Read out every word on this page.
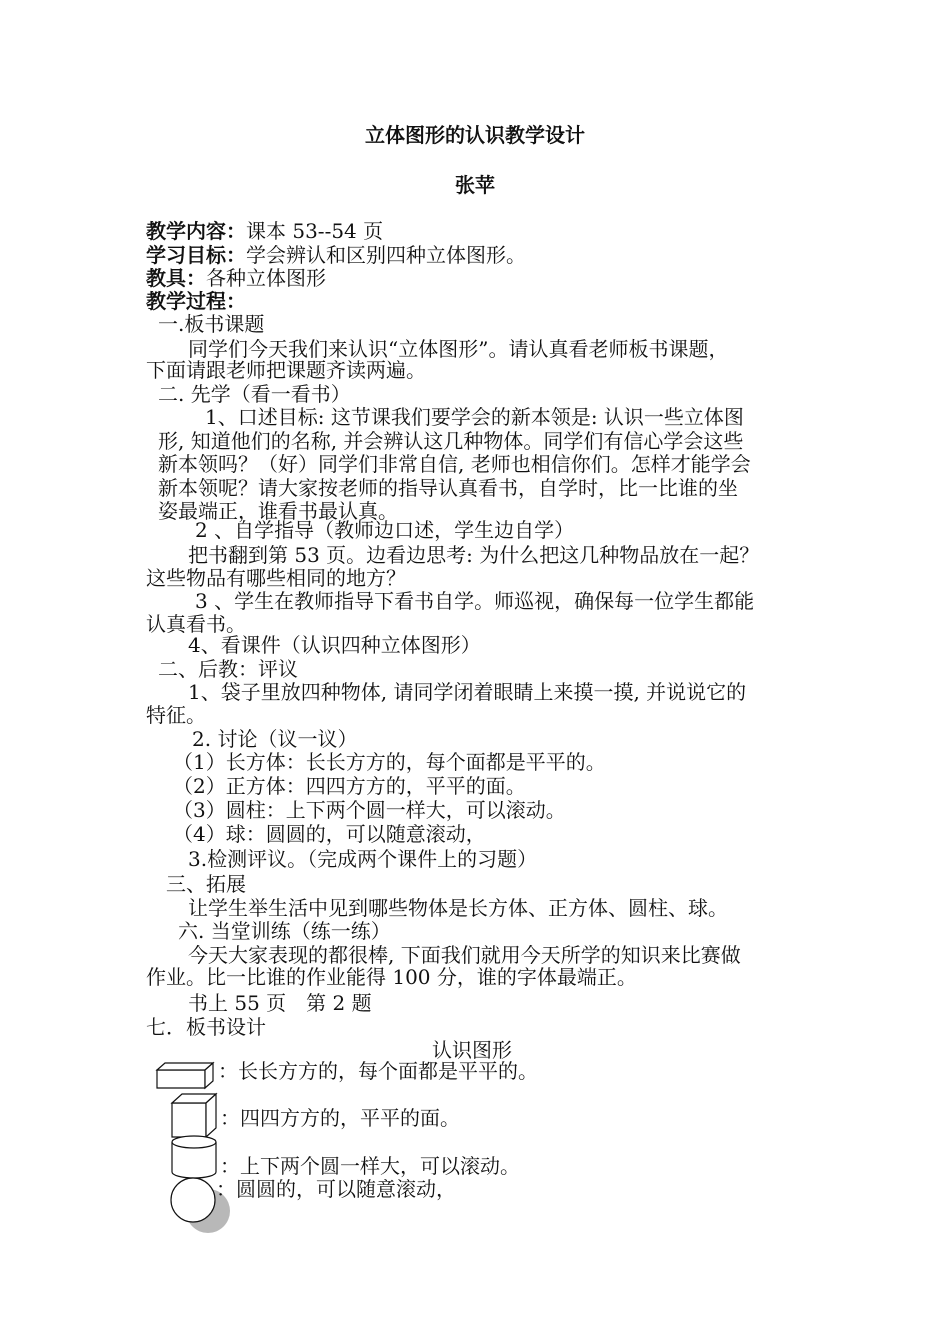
立体图形的认识教学设计
张苹
教学内容：课本 53--54 页
学习目标：学会辨认和区别四种立体图形。
教具：各种立体图形
教学过程：
一.板书课题
同学们今天我们来认识“立体图形”。请认真看老师板书课题，
下面请跟老师把课题齐读两遍。
二. 先学（看一看书）
1、口述目标: 这节课我们要学会的新本领是: 认识一些立体图
形, 知道他们的名称, 并会辨认这几种物体。同学们有信心学会这些
新本领吗？（好）同学们非常自信, 老师也相信你们。怎样才能学会
新本领呢？请大家按老师的指导认真看书，自学时，比一比谁的坐
姿最端正，谁看书最认真。
2 、自学指导（教师边口述，学生边自学）
把书翻到第 53 页。边看边思考: 为什么把这几种物品放在一起？
这些物品有哪些相同的地方？
3 、学生在教师指导下看书自学。师巡视，确保每一位学生都能
认真看书。
4、看课件（认识四种立体图形）
二、后教：评议
1、袋子里放四种物体, 请同学闭着眼睛上来摸一摸, 并说说它的
特征。
2. 讨论（议一议）
（1）长方体：长长方方的，每个面都是平平的。
（2）正方体：四四方方的，平平的面。
（3）圆柱：上下两个圆一样大，可以滚动。
（4）球：圆圆的，可以随意滚动，
3.检测评议。（完成两个课件上的习题）
三、拓展
让学生举生活中见到哪些物体是长方体、正方体、圆柱、球。
六. 当堂训练（练一练）
今天大家表现的都很棒, 下面我们就用今天所学的知识来比赛做
作业。比一比谁的作业能得 100 分，谁的字体最端正。
书上 55 页　第 2 题
七．板书设计
认识图形
：长长方方的，每个面都是平平的。
：四四方方的，平平的面。
：上下两个圆一样大，可以滚动。
：圆圆的，可以随意滚动，
